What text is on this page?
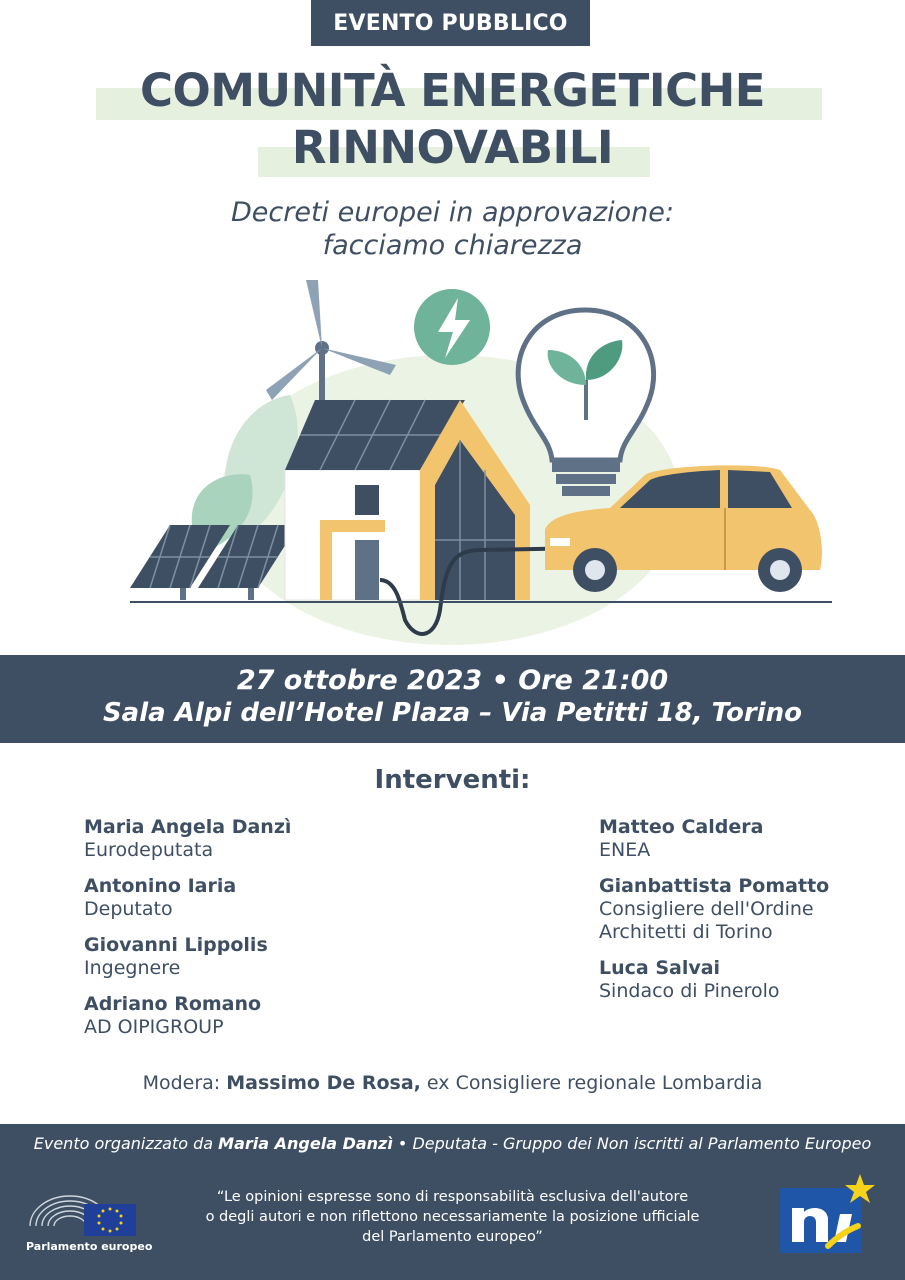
EVENTO PUBBLICO
COMUNITÀ ENERGETICHE
RINNOVABILI
Decreti europei in approvazione:
facciamo chiarezza
27 ottobre 2023 • Ore 21:00
Sala Alpi dell’Hotel Plaza – Via Petitti 18, Torino
Interventi:
Maria Angela Danzì
Eurodeputata
Antonino Iaria
Deputato
Giovanni Lippolis
Ingegnere
Adriano Romano
AD OIPIGROUP
Matteo Caldera
ENEA
Gianbattista Pomatto
Consigliere dell'Ordine
Architetti di Torino
Luca Salvai
Sindaco di Pinerolo
Modera: Massimo De Rosa, ex Consigliere regionale Lombardia
Evento organizzato da Maria Angela Danzì • Deputata - Gruppo dei Non iscritti al Parlamento Europeo
Parlamento europeo
“Le opinioni espresse sono di responsabilità esclusiva dell'autore
o degli autori e non riflettono necessariamente la posizione ufficiale
del Parlamento europeo”
